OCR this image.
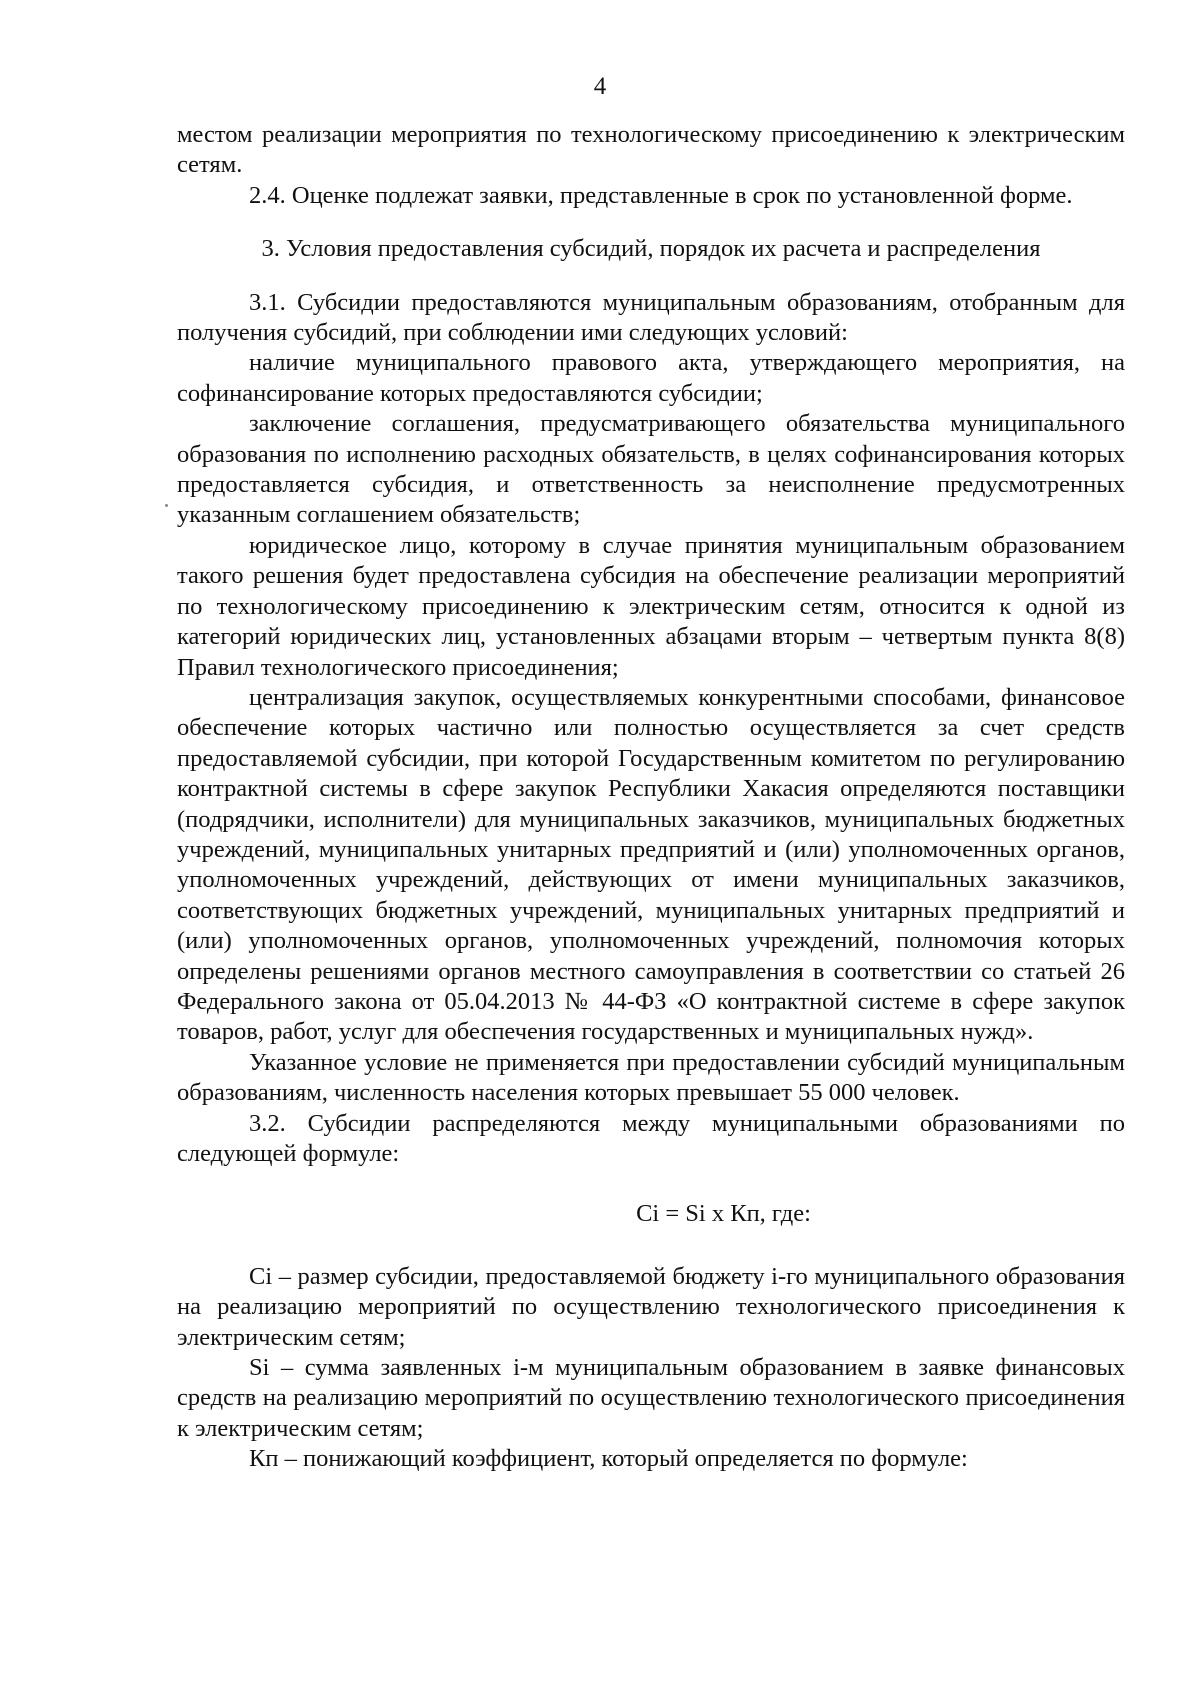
4

местом реализации мероприятия по технологическому присоединению к электрическим сетям.

2.4. Оценке подлежат заявки, представленные в срок по установленной форме.

3. Условия предоставления субсидий, порядок их расчета и распределения

3.1. Субсидии предоставляются муниципальным образованиям, отобранным для получения субсидий, при соблюдении ими следующих условий:

наличие муниципального правового акта, утверждающего мероприятия, на софинансирование которых предоставляются субсидии;

заключение соглашения, предусматривающего обязательства муниципального образования по исполнению расходных обязательств, в целях софинансирования которых предоставляется субсидия, и ответственность за неисполнение предусмотренных указанным соглашением обязательств;

юридическое лицо, которому в случае принятия муниципальным образованием такого решения будет предоставлена субсидия на обеспечение реализации мероприятий по технологическому присоединению к электрическим сетям, относится к одной из категорий юридических лиц, установленных абзацами вторым – четвертым пункта 8(8) Правил технологического присоединения;

централизация закупок, осуществляемых конкурентными способами, финансовое обеспечение которых частично или полностью осуществляется за счет средств предоставляемой субсидии, при которой Государственным комитетом по регулированию контрактной системы в сфере закупок Республики Хакасия определяются поставщики (подрядчики, исполнители) для муниципальных заказчиков, муниципальных бюджетных учреждений, муниципальных унитарных предприятий и (или) уполномоченных органов, уполномоченных учреждений, действующих от имени муниципальных заказчиков, соответствующих бюджетных учреждений, муниципальных унитарных предприятий и (или) уполномоченных органов, уполномоченных учреждений, полномочия которых определены решениями органов местного самоуправления в соответствии со статьей 26 Федерального закона от 05.04.2013 № 44-ФЗ «О контрактной системе в сфере закупок товаров, работ, услуг для обеспечения государственных и муниципальных нужд».

Указанное условие не применяется при предоставлении субсидий муниципальным образованиям, численность населения которых превышает 55 000 человек.

3.2. Субсидии распределяются между муниципальными образованиями по следующей формуле:

Ci = Si x Кп, где:

Ci – размер субсидии, предоставляемой бюджету i-го муниципального образования на реализацию мероприятий по осуществлению технологического присоединения к электрическим сетям;

Si – сумма заявленных i-м муниципальным образованием в заявке финансовых средств на реализацию мероприятий по осуществлению технологического присоединения к электрическим сетям;

Кп – понижающий коэффициент, который определяется по формуле:
